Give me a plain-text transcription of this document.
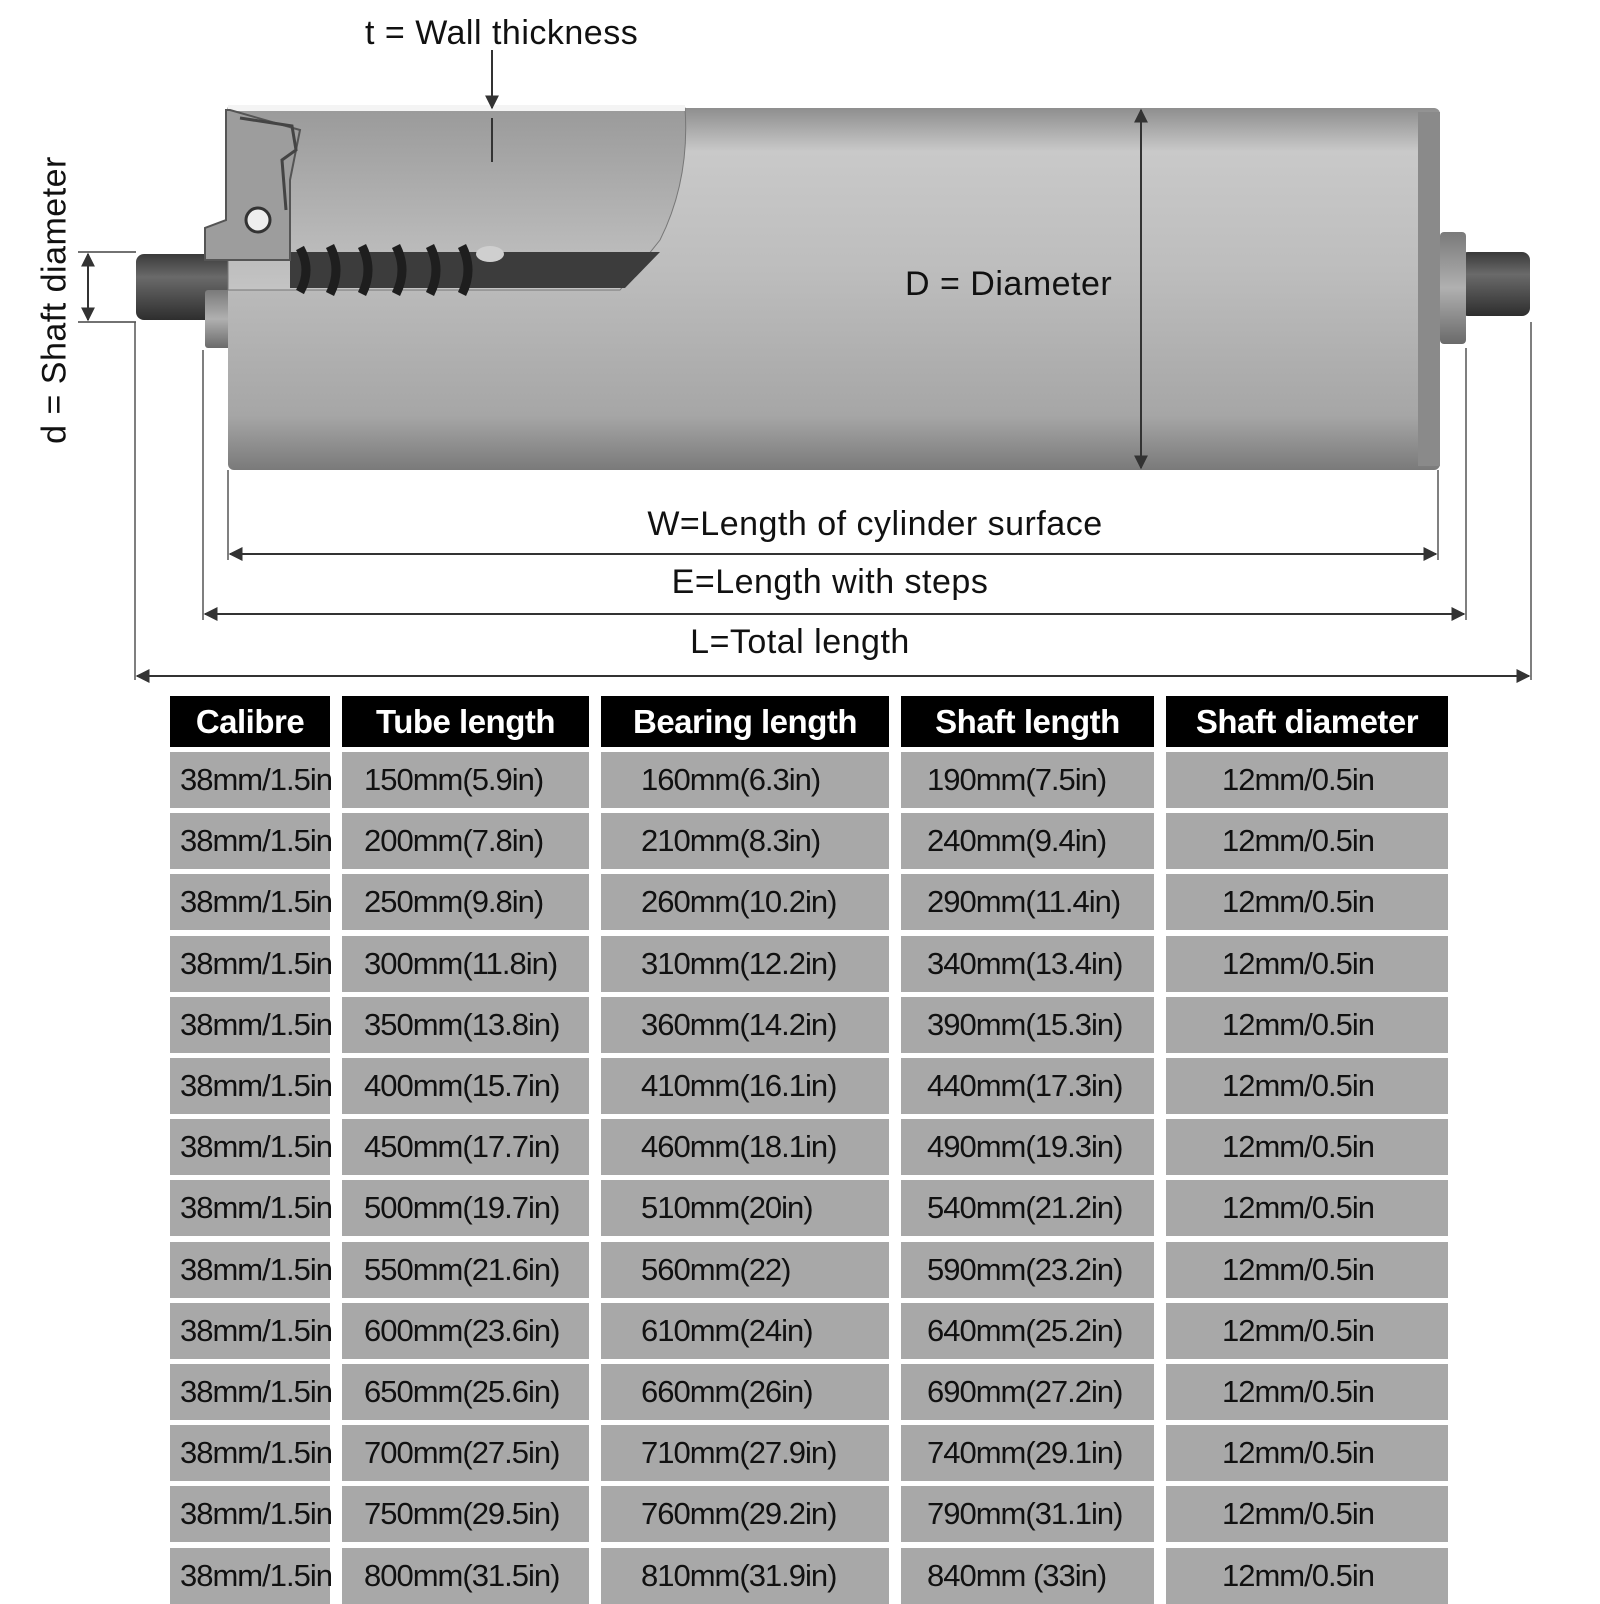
t = Wall thickness
D = Diameter
d = Shaft diameter
W=Length of cylinder surface
E=Length with steps
L=Total length
Calibre	Tube length	Bearing length	Shaft length	Shaft diameter
38mm/1.5in	150mm(5.9in)	160mm(6.3in)	190mm(7.5in)	12mm/0.5in
38mm/1.5in	200mm(7.8in)	210mm(8.3in)	240mm(9.4in)	12mm/0.5in
38mm/1.5in	250mm(9.8in)	260mm(10.2in)	290mm(11.4in)	12mm/0.5in
38mm/1.5in	300mm(11.8in)	310mm(12.2in)	340mm(13.4in)	12mm/0.5in
38mm/1.5in	350mm(13.8in)	360mm(14.2in)	390mm(15.3in)	12mm/0.5in
38mm/1.5in	400mm(15.7in)	410mm(16.1in)	440mm(17.3in)	12mm/0.5in
38mm/1.5in	450mm(17.7in)	460mm(18.1in)	490mm(19.3in)	12mm/0.5in
38mm/1.5in	500mm(19.7in)	510mm(20in)	540mm(21.2in)	12mm/0.5in
38mm/1.5in	550mm(21.6in)	560mm(22)	590mm(23.2in)	12mm/0.5in
38mm/1.5in	600mm(23.6in)	610mm(24in)	640mm(25.2in)	12mm/0.5in
38mm/1.5in	650mm(25.6in)	660mm(26in)	690mm(27.2in)	12mm/0.5in
38mm/1.5in	700mm(27.5in)	710mm(27.9in)	740mm(29.1in)	12mm/0.5in
38mm/1.5in	750mm(29.5in)	760mm(29.2in)	790mm(31.1in)	12mm/0.5in
38mm/1.5in	800mm(31.5in)	810mm(31.9in)	840mm (33in)	12mm/0.5in
